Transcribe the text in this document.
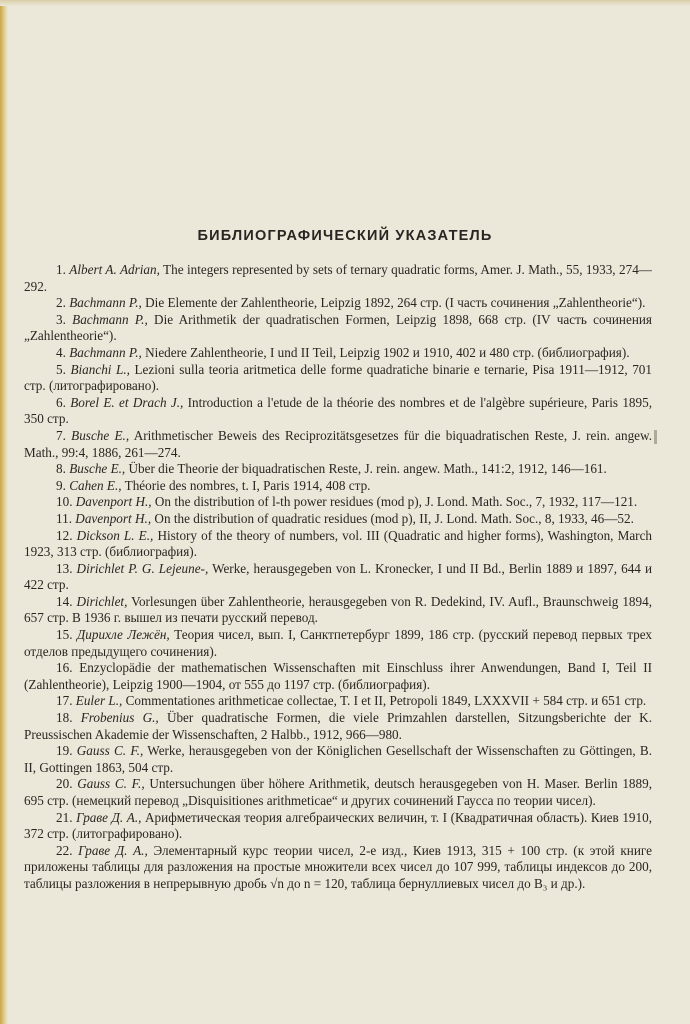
БИБЛИОГРАФИЧЕСКИЙ УКАЗАТЕЛЬ

1. Albert A. Adrian, The integers represented by sets of ternary quadratic forms, Amer. J. Math., 55, 1933, 274—292.

2. Bachmann P., Die Elemente der Zahlentheorie, Leipzig 1892, 264 стр. (I часть сочинения „Zahlentheorie“).

3. Bachmann P., Die Arithmetik der quadratischen Formen, Leipzig 1898, 668 стр. (IV часть сочинения „Zahlentheorie“).

4. Bachmann P., Niedere Zahlentheorie, I und II Teil, Leipzig 1902 и 1910, 402 и 480 стр. (библиография).

5. Bianchi L., Lezioni sulla teoria aritmetica delle forme quadratiche binarie e ternarie, Pisa 1911—1912, 701 стр. (литографировано).

6. Borel E. et Drach J., Introduction a l'etude de la théorie des nombres et de l'algèbre supérieure, Paris 1895, 350 стр.

7. Busche E., Arithmetischer Beweis des Reciprozitätsgesetzes für die biquadratischen Reste, J. rein. angew. Math., 99:4, 1886, 261—274.

8. Busche E., Über die Theorie der biquadratischen Reste, J. rein. angew. Math., 141:2, 1912, 146—161.

9. Cahen E., Théorie des nombres, t. I, Paris 1914, 408 стр.

10. Davenport H., On the distribution of l-th power residues (mod p), J. Lond. Math. Soc., 7, 1932, 117—121.

11. Davenport H., On the distribution of quadratic residues (mod p), II, J. Lond. Math. Soc., 8, 1933, 46—52.

12. Dickson L. E., History of the theory of numbers, vol. III (Quadratic and higher forms), Washington, March 1923, 313 стр. (библиография).

13. Dirichlet P. G. Lejeune-, Werke, herausgegeben von L. Kronecker, I und II Bd., Berlin 1889 и 1897, 644 и 422 стр.

14. Dirichlet, Vorlesungen über Zahlentheorie, herausgegeben von R. Dedekind, IV. Aufl., Braunschweig 1894, 657 стр. В 1936 г. вышел из печати русский перевод.

15. Дирихле Лежён, Теория чисел, вып. I, Санктпетербург 1899, 186 стр. (русский перевод первых трех отделов предыдущего сочинения).

16. Enzyclopädie der mathematischen Wissenschaften mit Einschluss ihrer Anwendungen, Band I, Teil II (Zahlentheorie), Leipzig 1900—1904, от 555 до 1197 стр. (библиография).

17. Euler L., Commentationes arithmeticae collectae, T. I et II, Petropoli 1849, LXXXVII + 584 стр. и 651 стр.

18. Frobenius G., Über quadratische Formen, die viele Primzahlen darstellen, Sitzungsberichte der K. Preussischen Akademie der Wissenschaften, 2 Halbb., 1912, 966—980.

19. Gauss C. F., Werke, herausgegeben von der Königlichen Gesellschaft der Wissenschaften zu Göttingen, B. II, Gottingen 1863, 504 стр.

20. Gauss C. F., Untersuchungen über höhere Arithmetik, deutsch herausgegeben von H. Maser. Berlin 1889, 695 стр. (немецкий перевод „Disquisitiones arithmeticae“ и других сочинений Гаусса по теории чисел).

21. Граве Д. А., Арифметическая теория алгебраических величин, т. I (Квадратичная область). Киев 1910, 372 стр. (литографировано).

22. Граве Д. А., Элементарный курс теории чисел, 2-е изд., Киев 1913, 315 + 100 стр. (к этой книге приложены таблицы для разложения на простые множители всех чисел до 107 999, таблицы индексов до 200, таблицы разложения в непрерывную дробь √n до n = 120, таблица бернуллиевых чисел до B₃ и др.).
